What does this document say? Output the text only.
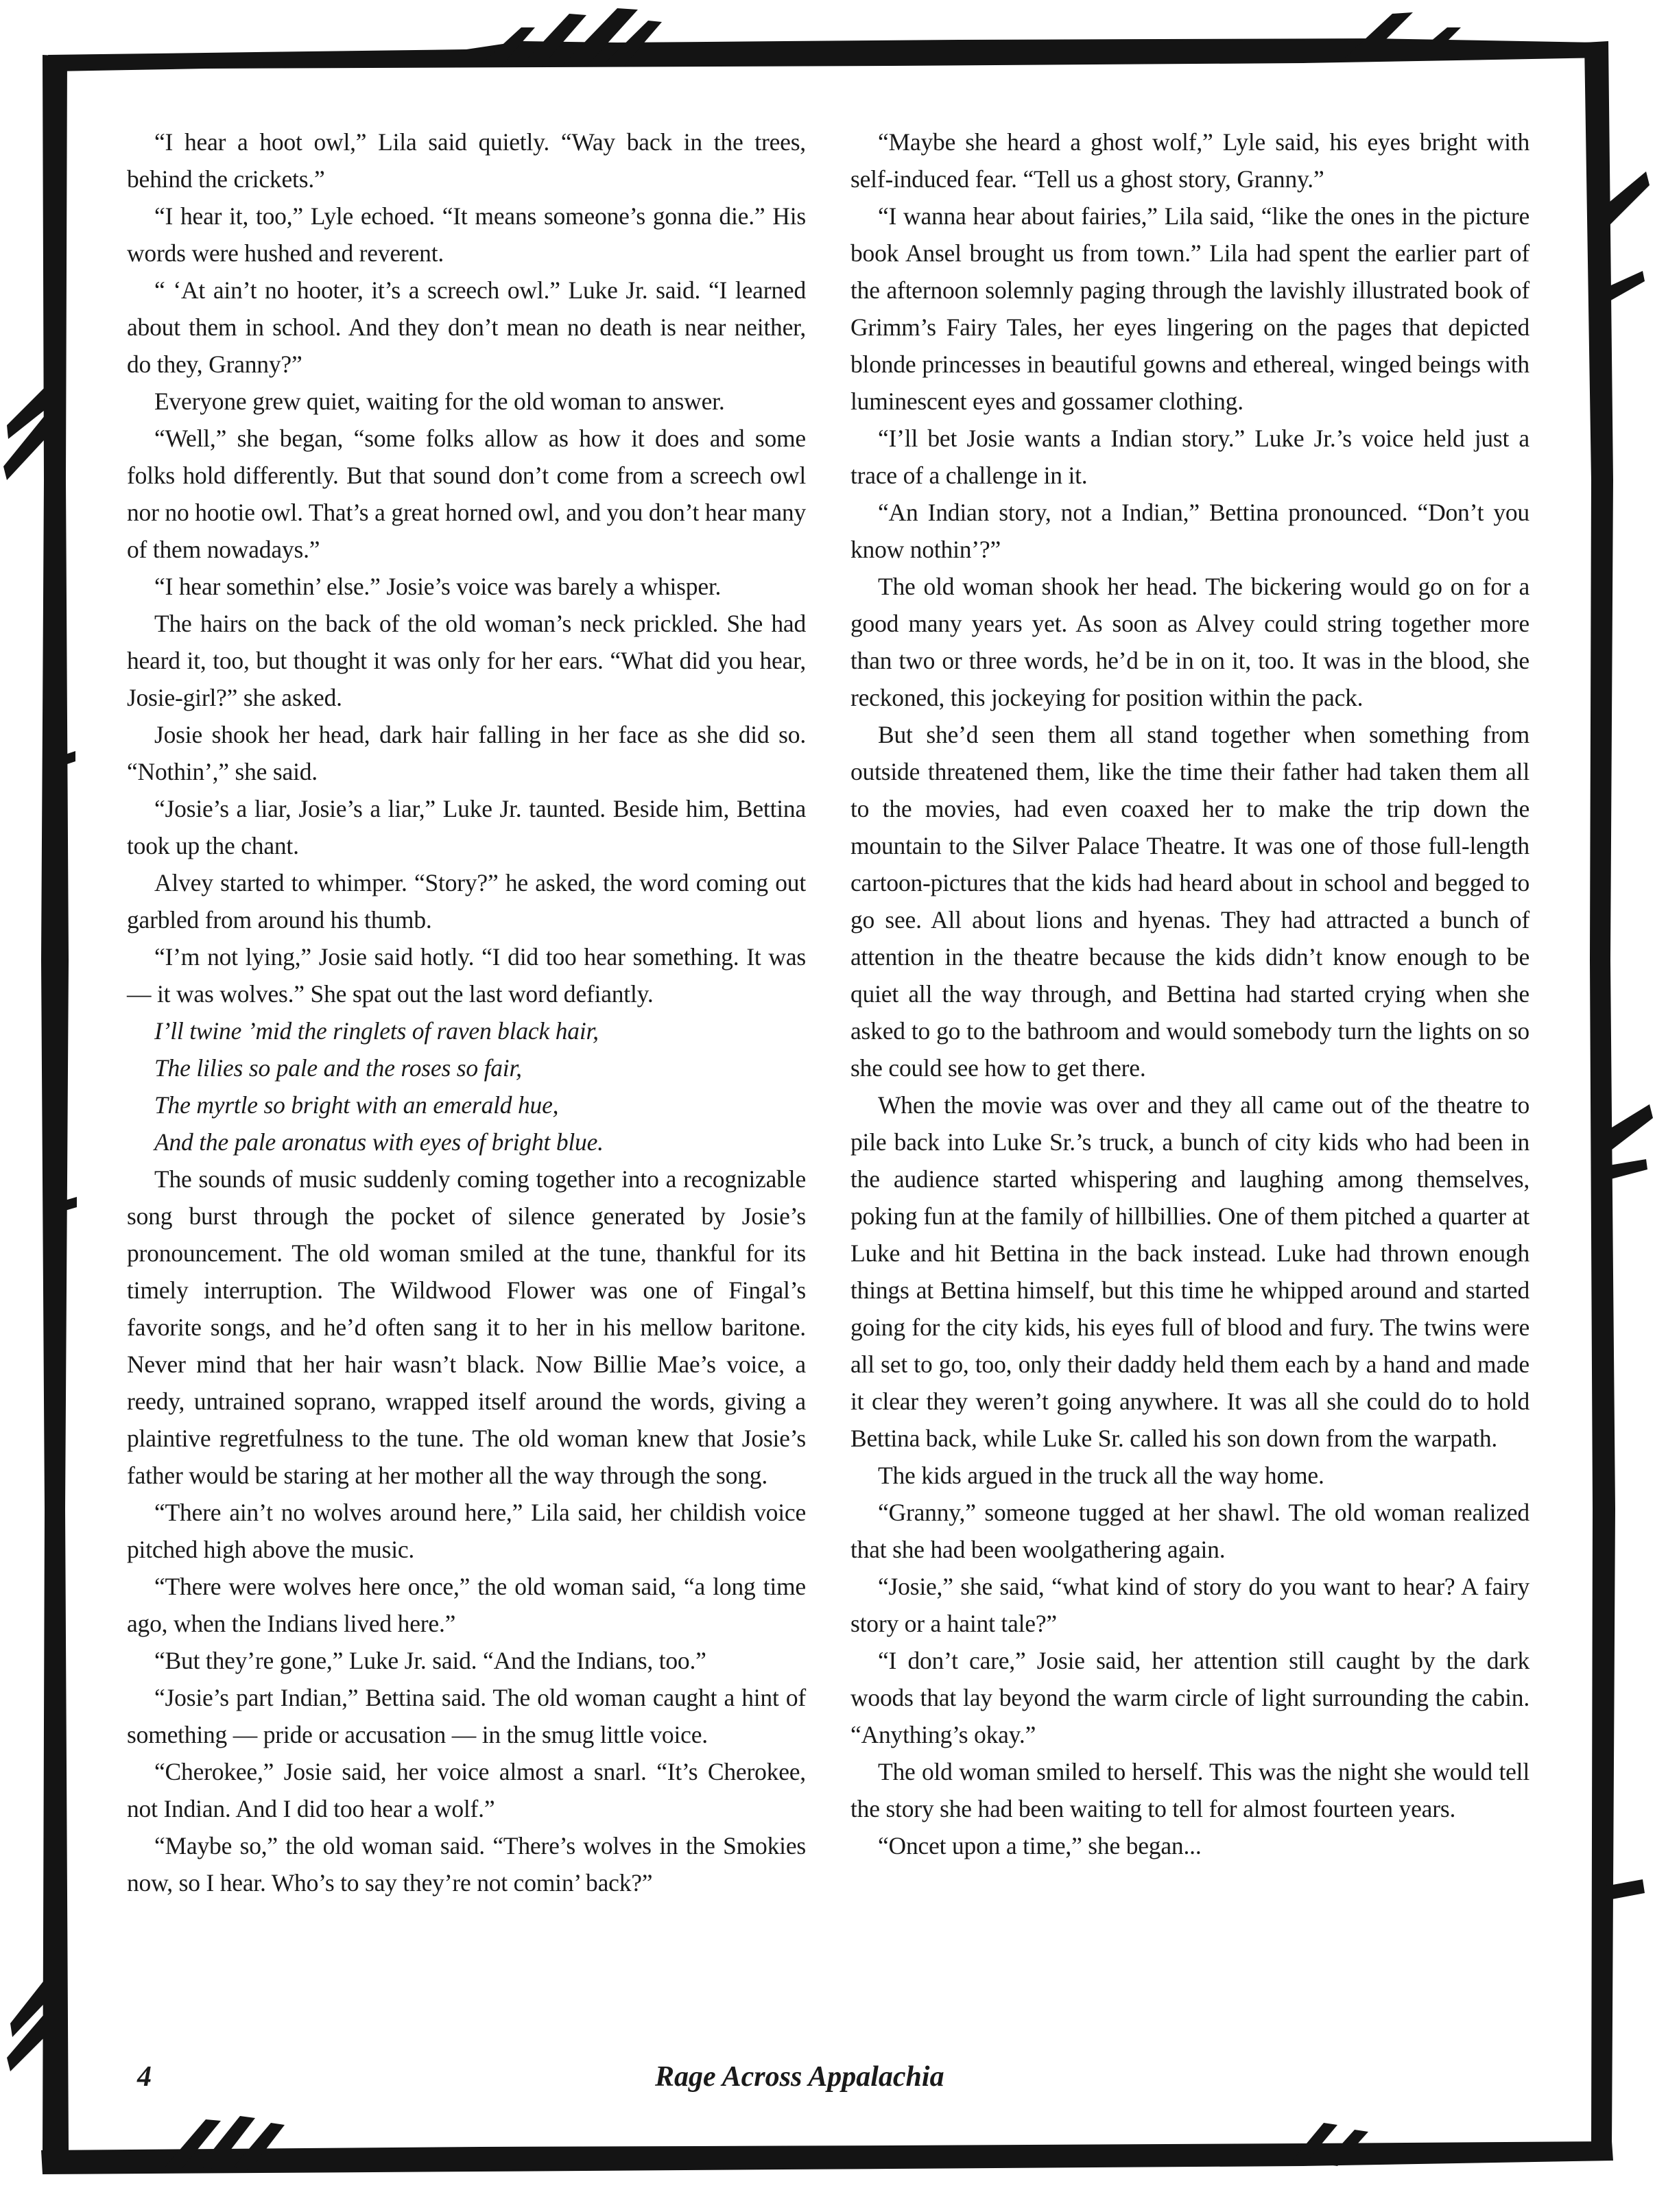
“I hear a hoot owl,” Lila said quietly. “Way back in the trees, behind the crickets.”

“I hear it, too,” Lyle echoed. “It means someone’s gonna die.” His words were hushed and reverent.

“ ‘At ain’t no hooter, it’s a screech owl.” Luke Jr. said. “I learned about them in school. And they don’t mean no death is near neither, do they, Granny?”

Everyone grew quiet, waiting for the old woman to answer.

“Well,” she began, “some folks allow as how it does and some folks hold differently. But that sound don’t come from a screech owl nor no hootie owl. That’s a great horned owl, and you don’t hear many of them nowadays.”

“I hear somethin’ else.” Josie’s voice was barely a whisper.

The hairs on the back of the old woman’s neck prickled. She had heard it, too, but thought it was only for her ears. “What did you hear, Josie-girl?” she asked.

Josie shook her head, dark hair falling in her face as she did so. “Nothin’,” she said.

“Josie’s a liar, Josie’s a liar,” Luke Jr. taunted. Beside him, Bettina took up the chant.

Alvey started to whimper. “Story?” he asked, the word coming out garbled from around his thumb.

“I’m not lying,” Josie said hotly. “I did too hear something. It was — it was wolves.” She spat out the last word defiantly.

I’ll twine ’mid the ringlets of raven black hair,

The lilies so pale and the roses so fair,

The myrtle so bright with an emerald hue,

And the pale aronatus with eyes of bright blue.

The sounds of music suddenly coming together into a recognizable song burst through the pocket of silence generated by Josie’s pronouncement. The old woman smiled at the tune, thankful for its timely interruption. The Wildwood Flower was one of Fingal’s favorite songs, and he’d often sang it to her in his mellow baritone. Never mind that her hair wasn’t black. Now Billie Mae’s voice, a reedy, untrained soprano, wrapped itself around the words, giving a plaintive regretfulness to the tune. The old woman knew that Josie’s father would be staring at her mother all the way through the song.

“There ain’t no wolves around here,” Lila said, her childish voice pitched high above the music.

“There were wolves here once,” the old woman said, “a long time ago, when the Indians lived here.”

“But they’re gone,” Luke Jr. said. “And the Indians, too.”

“Josie’s part Indian,” Bettina said. The old woman caught a hint of something — pride or accusation — in the smug little voice.

“Cherokee,” Josie said, her voice almost a snarl. “It’s Cherokee, not Indian. And I did too hear a wolf.”

“Maybe so,” the old woman said. “There’s wolves in the Smokies now, so I hear. Who’s to say they’re not comin’ back?”

“Maybe she heard a ghost wolf,” Lyle said, his eyes bright with self-induced fear. “Tell us a ghost story, Granny.”

“I wanna hear about fairies,” Lila said, “like the ones in the picture book Ansel brought us from town.” Lila had spent the earlier part of the afternoon solemnly paging through the lavishly illustrated book of Grimm’s Fairy Tales, her eyes lingering on the pages that depicted blonde princesses in beautiful gowns and ethereal, winged beings with luminescent eyes and gossamer clothing.

“I’ll bet Josie wants a Indian story.” Luke Jr.’s voice held just a trace of a challenge in it.

“An Indian story, not a Indian,” Bettina pronounced. “Don’t you know nothin’?”

The old woman shook her head. The bickering would go on for a good many years yet. As soon as Alvey could string together more than two or three words, he’d be in on it, too. It was in the blood, she reckoned, this jockeying for position within the pack.

But she’d seen them all stand together when something from outside threatened them, like the time their father had taken them all to the movies, had even coaxed her to make the trip down the mountain to the Silver Palace Theatre. It was one of those full-length cartoon-pictures that the kids had heard about in school and begged to go see. All about lions and hyenas. They had attracted a bunch of attention in the theatre because the kids didn’t know enough to be quiet all the way through, and Bettina had started crying when she asked to go to the bathroom and would somebody turn the lights on so she could see how to get there.

When the movie was over and they all came out of the theatre to pile back into Luke Sr.’s truck, a bunch of city kids who had been in the audience started whispering and laughing among themselves, poking fun at the family of hillbillies. One of them pitched a quarter at Luke and hit Bettina in the back instead. Luke had thrown enough things at Bettina himself, but this time he whipped around and started going for the city kids, his eyes full of blood and fury. The twins were all set to go, too, only their daddy held them each by a hand and made it clear they weren’t going anywhere. It was all she could do to hold Bettina back, while Luke Sr. called his son down from the warpath.

The kids argued in the truck all the way home.

“Granny,” someone tugged at her shawl. The old woman realized that she had been woolgathering again.

“Josie,” she said, “what kind of story do you want to hear? A fairy story or a haint tale?”

“I don’t care,” Josie said, her attention still caught by the dark woods that lay beyond the warm circle of light surrounding the cabin. “Anything’s okay.”

The old woman smiled to herself. This was the night she would tell the story she had been waiting to tell for almost fourteen years.

“Oncet upon a time,” she began...

4	Rage Across Appalachia
